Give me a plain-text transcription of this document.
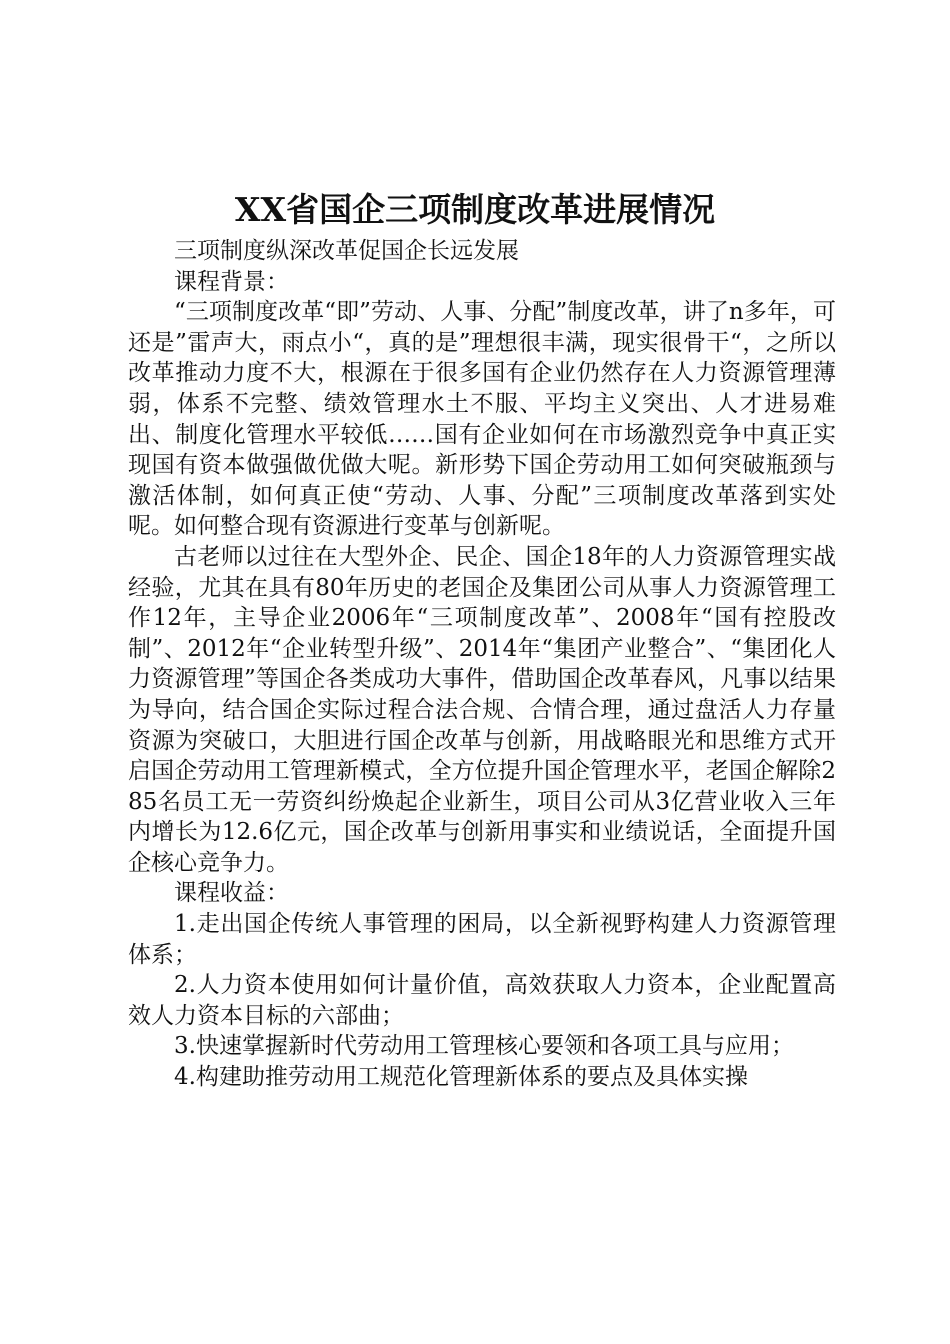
XX省国企三项制度改革进展情况

三项制度纵深改革促国企长远发展

课程背景：

“三项制度改革“即”劳动、人事、分配”制度改革，讲了n多年，可还是”雷声大，雨点小“，真的是”理想很丰满，现实很骨干“，之所以改革推动力度不大，根源在于很多国有企业仍然存在人力资源管理薄弱，体系不完整、绩效管理水土不服、平均主义突出、人才进易难出、制度化管理水平较低……国有企业如何在市场激烈竞争中真正实现国有资本做强做优做大呢。新形势下国企劳动用工如何突破瓶颈与激活体制，如何真正使“劳动、人事、分配”三项制度改革落到实处呢。如何整合现有资源进行变革与创新呢。

古老师以过往在大型外企、民企、国企18年的人力资源管理实战经验，尤其在具有80年历史的老国企及集团公司从事人力资源管理工作12年，主导企业2006年“三项制度改革”、2008年“国有控股改制”、2012年“企业转型升级”、2014年“集团产业整合”、“集团化人力资源管理”等国企各类成功大事件，借助国企改革春风，凡事以结果为导向，结合国企实际过程合法合规、合情合理，通过盘活人力存量资源为突破口，大胆进行国企改革与创新，用战略眼光和思维方式开启国企劳动用工管理新模式，全方位提升国企管理水平，老国企解除285名员工无一劳资纠纷焕起企业新生，项目公司从3亿营业收入三年内增长为12.6亿元，国企改革与创新用事实和业绩说话，全面提升国企核心竞争力。

课程收益：

1.走出国企传统人事管理的困局，以全新视野构建人力资源管理体系；

2.人力资本使用如何计量价值，高效获取人力资本，企业配置高效人力资本目标的六部曲；

3.快速掌握新时代劳动用工管理核心要领和各项工具与应用；

4.构建助推劳动用工规范化管理新体系的要点及具体实操
